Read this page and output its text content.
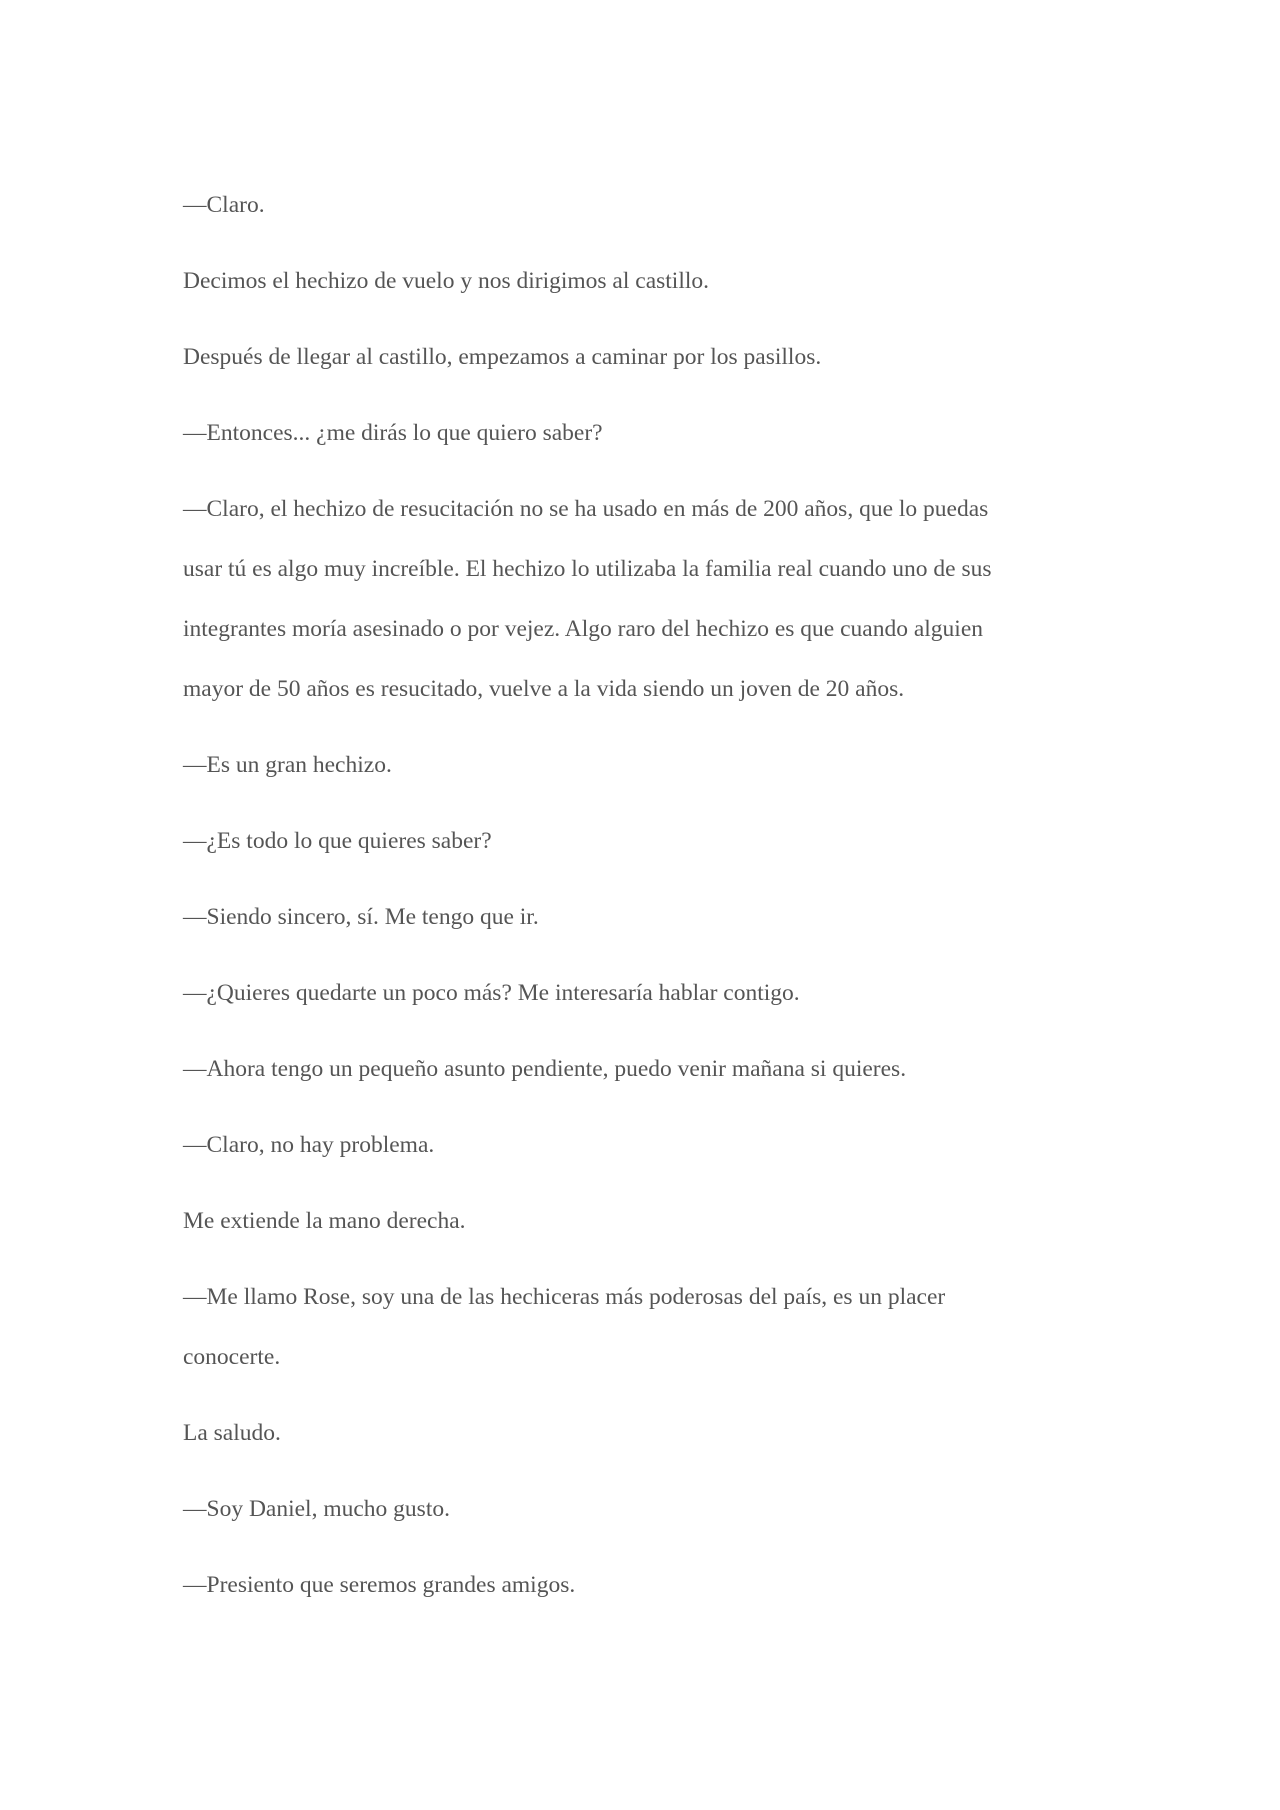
—Claro.

Decimos el hechizo de vuelo y nos dirigimos al castillo.

Después de llegar al castillo, empezamos a caminar por los pasillos.

—Entonces... ¿me dirás lo que quiero saber?

—Claro, el hechizo de resucitación no se ha usado en más de 200 años, que lo puedas
usar tú es algo muy increíble. El hechizo lo utilizaba la familia real cuando uno de sus
integrantes moría asesinado o por vejez. Algo raro del hechizo es que cuando alguien
mayor de 50 años es resucitado, vuelve a la vida siendo un joven de 20 años.

—Es un gran hechizo.

—¿Es todo lo que quieres saber?

—Siendo sincero, sí. Me tengo que ir.

—¿Quieres quedarte un poco más? Me interesaría hablar contigo.

—Ahora tengo un pequeño asunto pendiente, puedo venir mañana si quieres.

—Claro, no hay problema.

Me extiende la mano derecha.

—Me llamo Rose, soy una de las hechiceras más poderosas del país, es un placer
conocerte.

La saludo.

—Soy Daniel, mucho gusto.

—Presiento que seremos grandes amigos.
